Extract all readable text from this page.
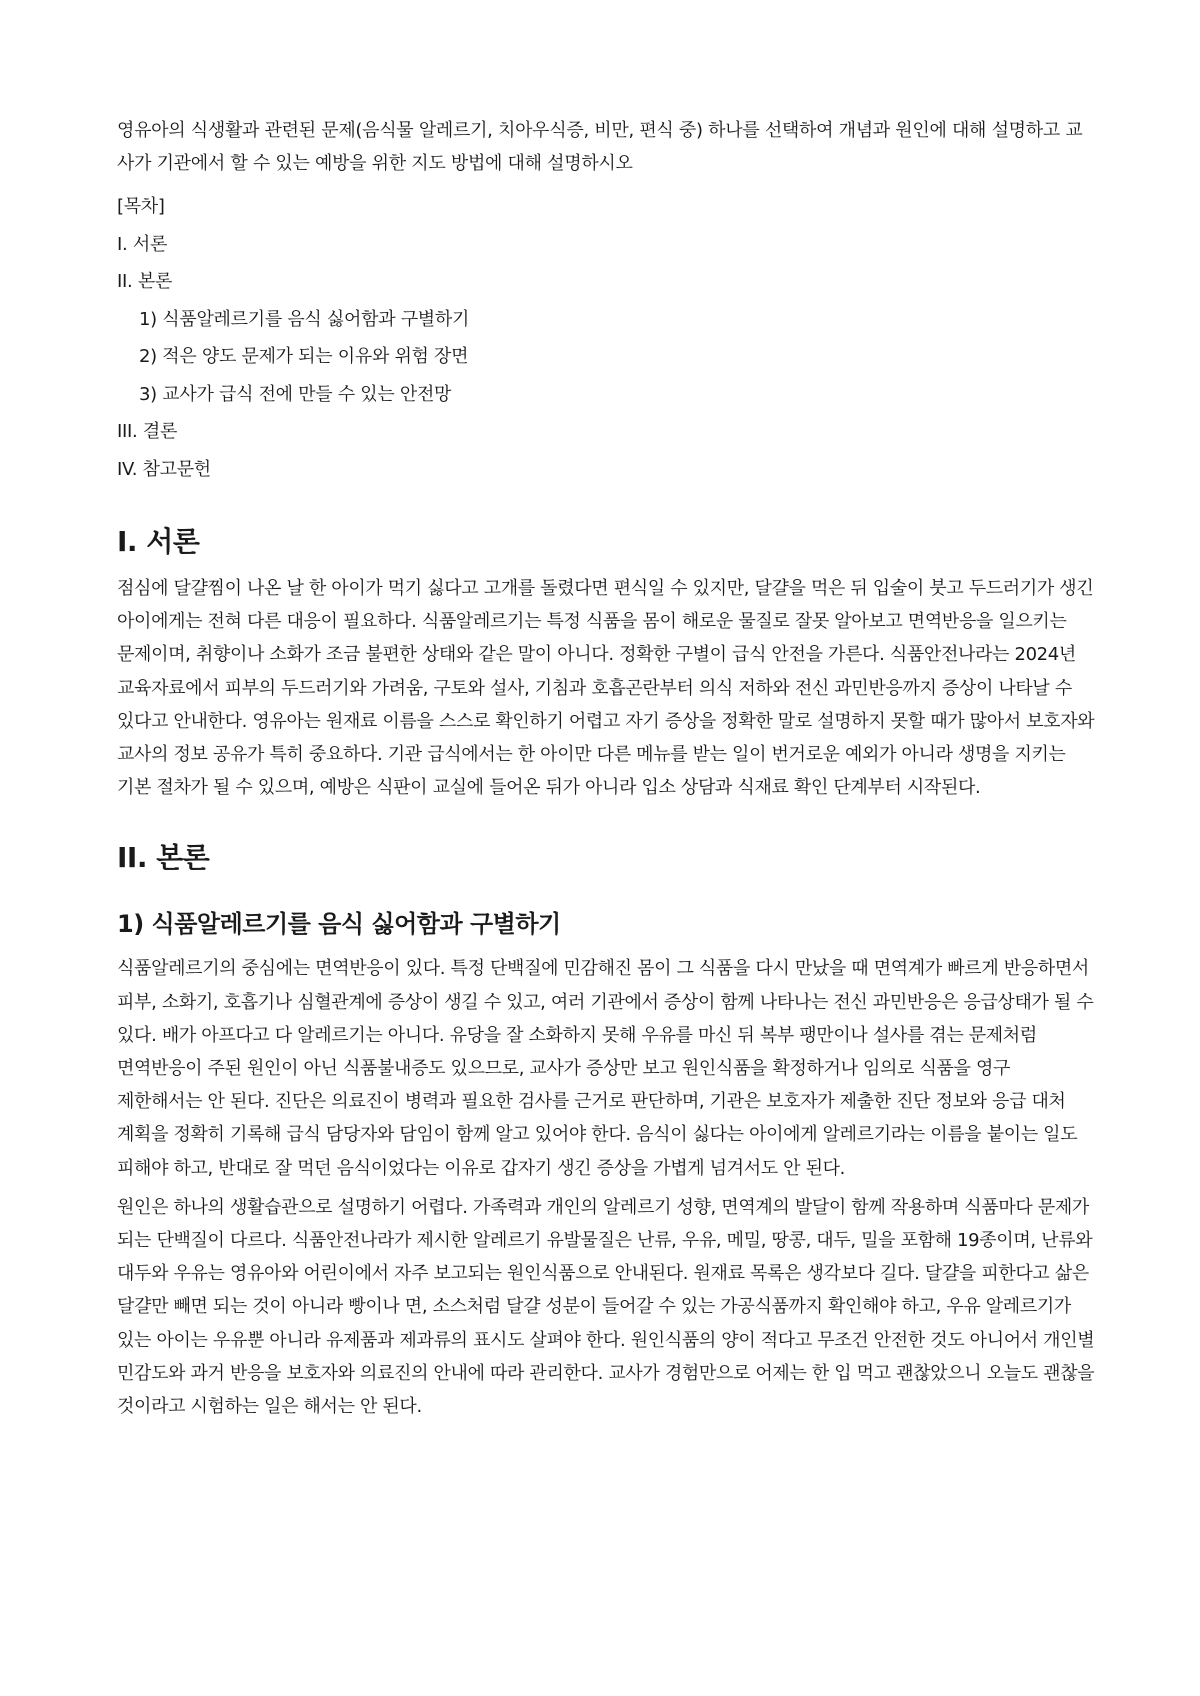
영유아의 식생활과 관련된 문제(음식물 알레르기, 치아우식증, 비만, 편식 중) 하나를 선택하여 개념과 원인에 대해 설명하고 교사가 기관에서 할 수 있는 예방을 위한 지도 방법에 대해 설명하시오

[목차]

I. 서론

II. 본론

1) 식품알레르기를 음식 싫어함과 구별하기

2) 적은 양도 문제가 되는 이유와 위험 장면

3) 교사가 급식 전에 만들 수 있는 안전망

III. 결론

IV. 참고문헌

I. 서론

점심에 달걀찜이 나온 날 한 아이가 먹기 싫다고 고개를 돌렸다면 편식일 수 있지만, 달걀을 먹은 뒤 입술이 붓고 두드러기가 생긴 아이에게는 전혀 다른 대응이 필요하다. 식품알레르기는 특정 식품을 몸이 해로운 물질로 잘못 알아보고 면역반응을 일으키는 문제이며, 취향이나 소화가 조금 불편한 상태와 같은 말이 아니다. 정확한 구별이 급식 안전을 가른다. 식품안전나라는 2024년 교육자료에서 피부의 두드러기와 가려움, 구토와 설사, 기침과 호흡곤란부터 의식 저하와 전신 과민반응까지 증상이 나타날 수 있다고 안내한다. 영유아는 원재료 이름을 스스로 확인하기 어렵고 자기 증상을 정확한 말로 설명하지 못할 때가 많아서 보호자와 교사의 정보 공유가 특히 중요하다. 기관 급식에서는 한 아이만 다른 메뉴를 받는 일이 번거로운 예외가 아니라 생명을 지키는 기본 절차가 될 수 있으며, 예방은 식판이 교실에 들어온 뒤가 아니라 입소 상담과 식재료 확인 단계부터 시작된다.

II. 본론
1) 식품알레르기를 음식 싫어함과 구별하기

식품알레르기의 중심에는 면역반응이 있다. 특정 단백질에 민감해진 몸이 그 식품을 다시 만났을 때 면역계가 빠르게 반응하면서 피부, 소화기, 호흡기나 심혈관계에 증상이 생길 수 있고, 여러 기관에서 증상이 함께 나타나는 전신 과민반응은 응급상태가 될 수 있다. 배가 아프다고 다 알레르기는 아니다. 유당을 잘 소화하지 못해 우유를 마신 뒤 복부 팽만이나 설사를 겪는 문제처럼 면역반응이 주된 원인이 아닌 식품불내증도 있으므로, 교사가 증상만 보고 원인식품을 확정하거나 임의로 식품을 영구 제한해서는 안 된다. 진단은 의료진이 병력과 필요한 검사를 근거로 판단하며, 기관은 보호자가 제출한 진단 정보와 응급 대처 계획을 정확히 기록해 급식 담당자와 담임이 함께 알고 있어야 한다. 음식이 싫다는 아이에게 알레르기라는 이름을 붙이는 일도 피해야 하고, 반대로 잘 먹던 음식이었다는 이유로 갑자기 생긴 증상을 가볍게 넘겨서도 안 된다.

원인은 하나의 생활습관으로 설명하기 어렵다. 가족력과 개인의 알레르기 성향, 면역계의 발달이 함께 작용하며 식품마다 문제가 되는 단백질이 다르다. 식품안전나라가 제시한 알레르기 유발물질은 난류, 우유, 메밀, 땅콩, 대두, 밀을 포함해 19종이며, 난류와 대두와 우유는 영유아와 어린이에서 자주 보고되는 원인식품으로 안내된다. 원재료 목록은 생각보다 길다. 달걀을 피한다고 삶은 달걀만 빼면 되는 것이 아니라 빵이나 면, 소스처럼 달걀 성분이 들어갈 수 있는 가공식품까지 확인해야 하고, 우유 알레르기가 있는 아이는 우유뿐 아니라 유제품과 제과류의 표시도 살펴야 한다. 원인식품의 양이 적다고 무조건 안전한 것도 아니어서 개인별 민감도와 과거 반응을 보호자와 의료진의 안내에 따라 관리한다. 교사가 경험만으로 어제는 한 입 먹고 괜찮았으니 오늘도 괜찮을 것이라고 시험하는 일은 해서는 안 된다.
